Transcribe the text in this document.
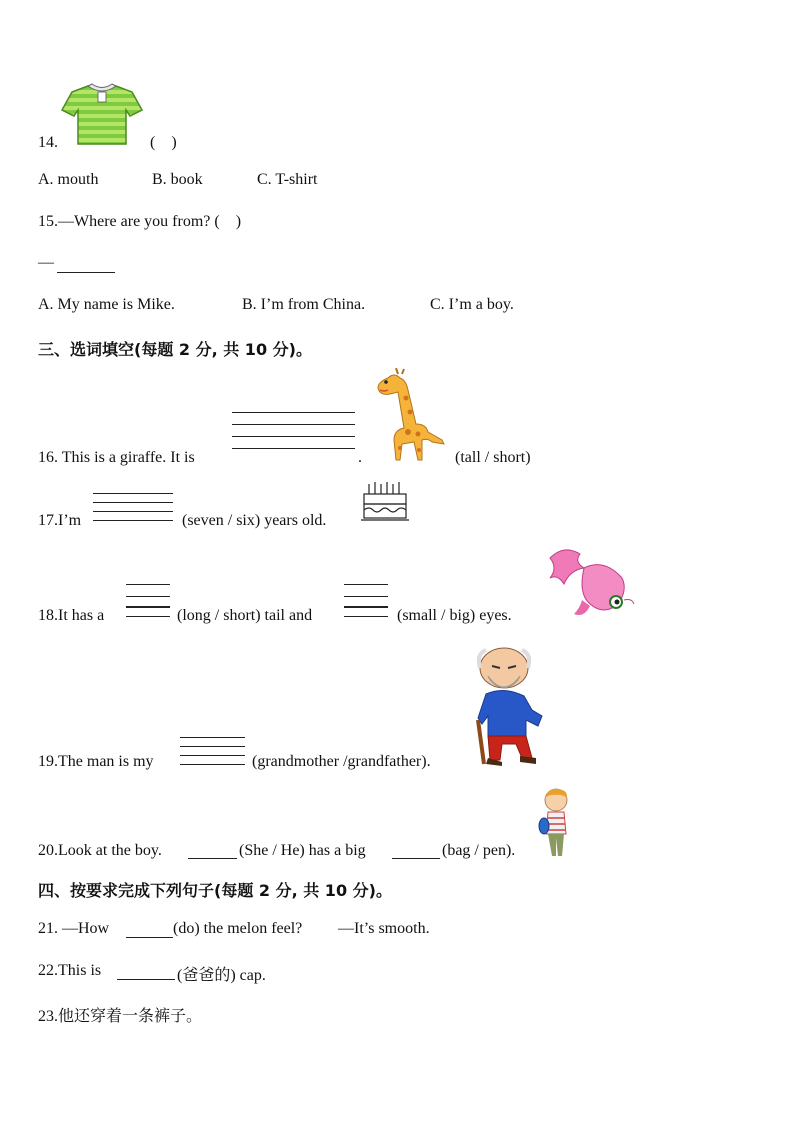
14.	(    )
A. mouth	B. book	C. T-shirt
15.—Where are you from? (    )
—
A. My name is Mike.	B. I’m from China.	C. I’m a boy.
三、选词填空(每题 2 分, 共 10 分)。
16. This is a giraffe. It is	.	(tall / short)
17.I’m	(seven / six) years old.
18.It has a	(long / short) tail and	(small / big) eyes.
19.The man is my	(grandmother /grandfather).
20.Look at the boy.	(She / He) has a big	(bag / pen).
四、按要求完成下列句子(每题 2 分, 共 10 分)。
21. —How	(do) the melon feel? —It’s smooth.
22.This is	(爸爸的) cap.
23.他还穿着一条裤子。
